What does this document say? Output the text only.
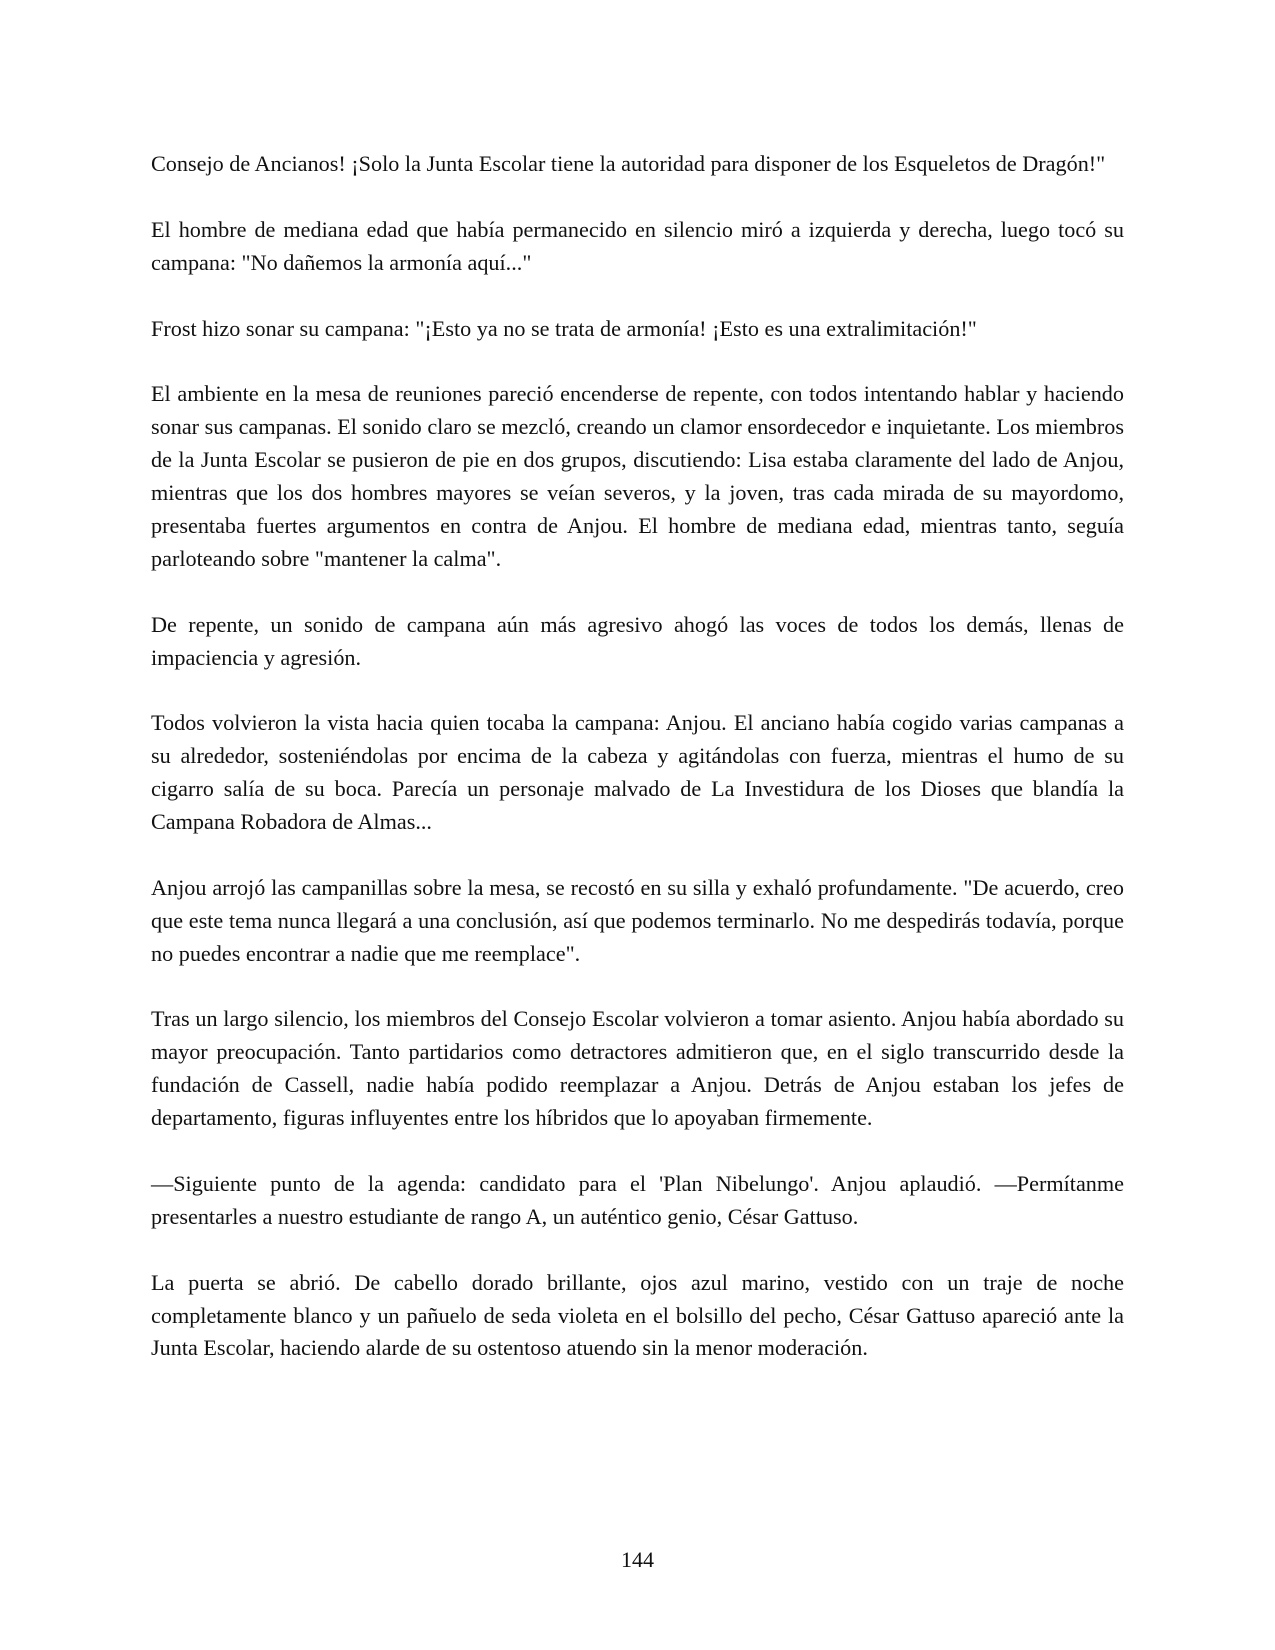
Consejo de Ancianos! ¡Solo la Junta Escolar tiene la autoridad para disponer de los Esqueletos de Dragón!"

El hombre de mediana edad que había permanecido en silencio miró a izquierda y derecha, luego tocó su campana: "No dañemos la armonía aquí..."

Frost hizo sonar su campana: "¡Esto ya no se trata de armonía! ¡Esto es una extralimitación!"

El ambiente en la mesa de reuniones pareció encenderse de repente, con todos intentando hablar y haciendo sonar sus campanas. El sonido claro se mezcló, creando un clamor ensordecedor e inquietante. Los miembros de la Junta Escolar se pusieron de pie en dos grupos, discutiendo: Lisa estaba claramente del lado de Anjou, mientras que los dos hombres mayores se veían severos, y la joven, tras cada mirada de su mayordomo, presentaba fuertes argumentos en contra de Anjou. El hombre de mediana edad, mientras tanto, seguía parloteando sobre "mantener la calma".

De repente, un sonido de campana aún más agresivo ahogó las voces de todos los demás, llenas de impaciencia y agresión.

Todos volvieron la vista hacia quien tocaba la campana: Anjou. El anciano había cogido varias campanas a su alrededor, sosteniéndolas por encima de la cabeza y agitándolas con fuerza, mientras el humo de su cigarro salía de su boca. Parecía un personaje malvado de La Investidura de los Dioses que blandía la Campana Robadora de Almas...

Anjou arrojó las campanillas sobre la mesa, se recostó en su silla y exhaló profundamente. "De acuerdo, creo que este tema nunca llegará a una conclusión, así que podemos terminarlo. No me despedirás todavía, porque no puedes encontrar a nadie que me reemplace".

Tras un largo silencio, los miembros del Consejo Escolar volvieron a tomar asiento. Anjou había abordado su mayor preocupación. Tanto partidarios como detractores admitieron que, en el siglo transcurrido desde la fundación de Cassell, nadie había podido reemplazar a Anjou. Detrás de Anjou estaban los jefes de departamento, figuras influyentes entre los híbridos que lo apoyaban firmemente.

—Siguiente punto de la agenda: candidato para el 'Plan Nibelungo'. Anjou aplaudió. —Permítanme presentarles a nuestro estudiante de rango A, un auténtico genio, César Gattuso.

La puerta se abrió. De cabello dorado brillante, ojos azul marino, vestido con un traje de noche completamente blanco y un pañuelo de seda violeta en el bolsillo del pecho, César Gattuso apareció ante la Junta Escolar, haciendo alarde de su ostentoso atuendo sin la menor moderación.

144
